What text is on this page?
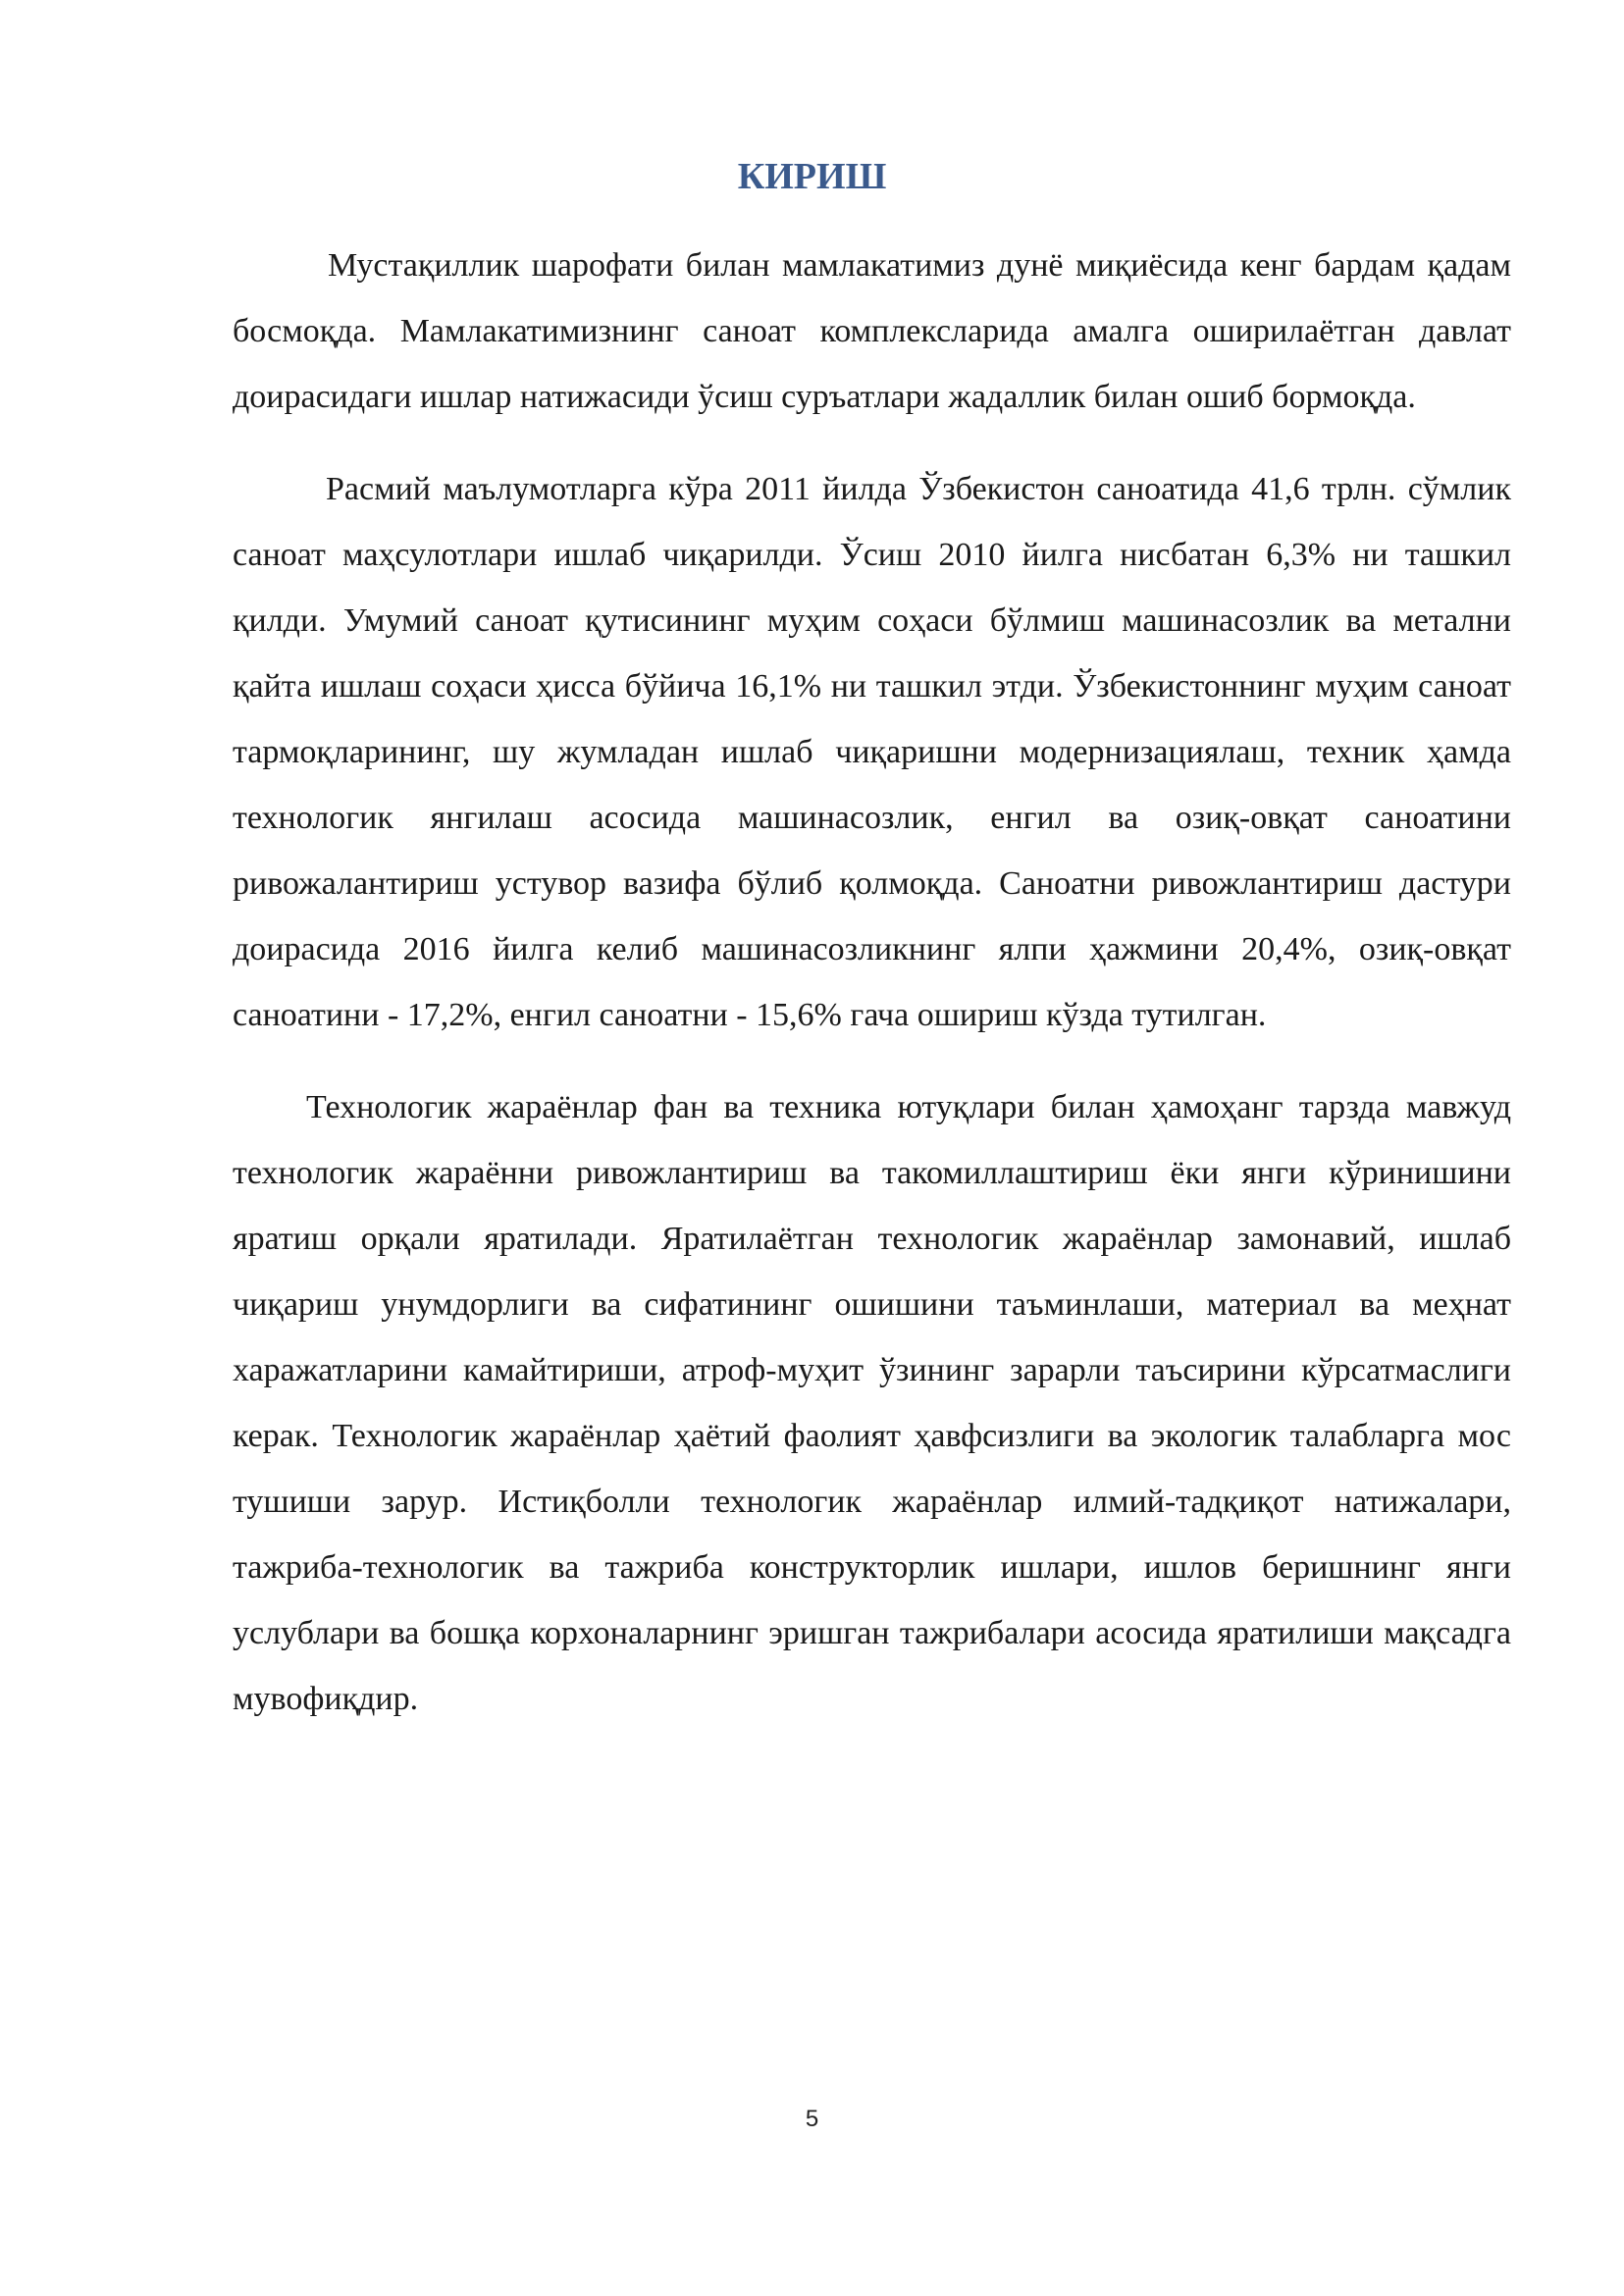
КИРИШ

Мустақиллик шарофати билан мамлакатимиз дунё миқиёсида кенг бардам қадам босмоқда. Мамлакатимизнинг саноат комплексларида амалга оширилаётган давлат доирасидаги ишлар натижасиди ўсиш суръатлари жадаллик билан ошиб бормоқда.

Расмий маълумотларга кўра 2011 йилда Ўзбекистон саноатида 41,6 трлн. сўмлик саноат маҳсулотлари ишлаб чиқарилди. Ўсиш 2010 йилга нисбатан 6,3% ни ташкил қилди. Умумий саноат қутисининг муҳим соҳаси бўлмиш машинасозлик ва метални қайта ишлаш соҳаси ҳисса бўйича 16,1% ни ташкил этди. Ўзбекистоннинг муҳим саноат тармоқларининг, шу жумладан ишлаб чиқаришни модернизациялаш, техник ҳамда технологик янгилаш асосида машинасозлик, енгил ва озиқ-овқат саноатини ривожалантириш устувор вазифа бўлиб қолмоқда. Саноатни ривожлантириш дастури доирасида 2016 йилга келиб машинасозликнинг ялпи ҳажмини 20,4%, озиқ-овқат саноатини - 17,2%, енгил саноатни - 15,6% гача ошириш кўзда тутилган.

Технологик жараёнлар фан ва техника ютуқлари билан ҳамоҳанг тарзда мавжуд технологик жараённи ривожлантириш ва такомиллаштириш ёки янги кўринишини яратиш орқали яратилади. Яратилаётган технологик жараёнлар замонавий, ишлаб чиқариш унумдорлиги ва сифатининг ошишини таъминлаши, материал ва меҳнат харажатларини камайтириши, атроф-муҳит ўзининг зарарли таъсирини кўрсатмаслиги керак. Технологик жараёнлар ҳаётий фаолият ҳавфсизлиги ва экологик талабларга мос тушиши зарур. Истиқболли технологик жараёнлар илмий-тадқиқот натижалари, тажриба-технологик ва тажриба конструкторлик ишлари, ишлов беришнинг янги услублари ва бошқа корхоналарнинг эришган тажрибалари асосида яратилиши мақсадга мувофиқдир.

5
